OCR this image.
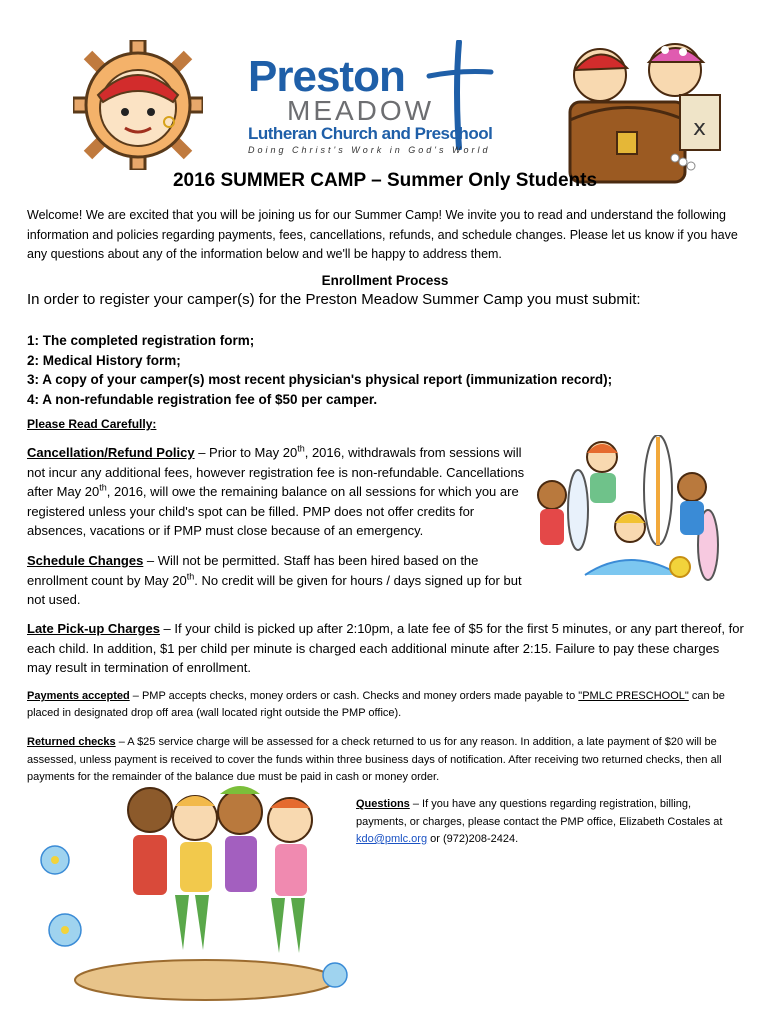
Preston
MEADOW
Lutheran Church and Preschool
Doing Christ's Work in God's World
x
2016 SUMMER CAMP – Summer Only Students

Welcome! We are excited that you will be joining us for our Summer Camp! We invite you to read and understand the following information and policies regarding payments, fees, cancellations, refunds, and schedule changes. Please let us know if you have any questions about any of the information below and we'll be happy to address them.

Enrollment Process
In order to register your camper(s) for the Preston Meadow Summer Camp you must submit:
1: The completed registration form;
2: Medical History form;
3: A copy of your camper(s) most recent physician's physical report (immunization record);
4: A non-refundable registration fee of $50 per camper.
Please Read Carefully:

Cancellation/Refund Policy – Prior to May 20th, 2016, withdrawals from sessions will not incur any additional fees, however registration fee is non-refundable. Cancellations after May 20th, 2016, will owe the remaining balance on all sessions for which you are registered unless your child's spot can be filled. PMP does not offer credits for absences, vacations or if PMP must close because of an emergency.

Schedule Changes – Will not be permitted. Staff has been hired based on the enrollment count by May 20th. No credit will be given for hours / days signed up for but not used.

Late Pick-up Charges – If your child is picked up after 2:10pm, a late fee of $5 for the first 5 minutes, or any part thereof, for each child. In addition, $1 per child per minute is charged each additional minute after 2:15. Failure to pay these charges may result in termination of enrollment.

Payments accepted – PMP accepts checks, money orders or cash. Checks and money orders made payable to "PMLC PRESCHOOL" can be placed in designated drop off area (wall located right outside the PMP office).

Returned checks – A $25 service charge will be assessed for a check returned to us for any reason. In addition, a late payment of $20 will be assessed, unless payment is received to cover the funds within three business days of notification. After receiving two returned checks, then all payments for the remainder of the balance due must be paid in cash or money order.

Questions – If you have any questions regarding registration, billing, payments, or charges, please contact the PMP office, Elizabeth Costales at kdo@pmlc.org or (972)208-2424.
